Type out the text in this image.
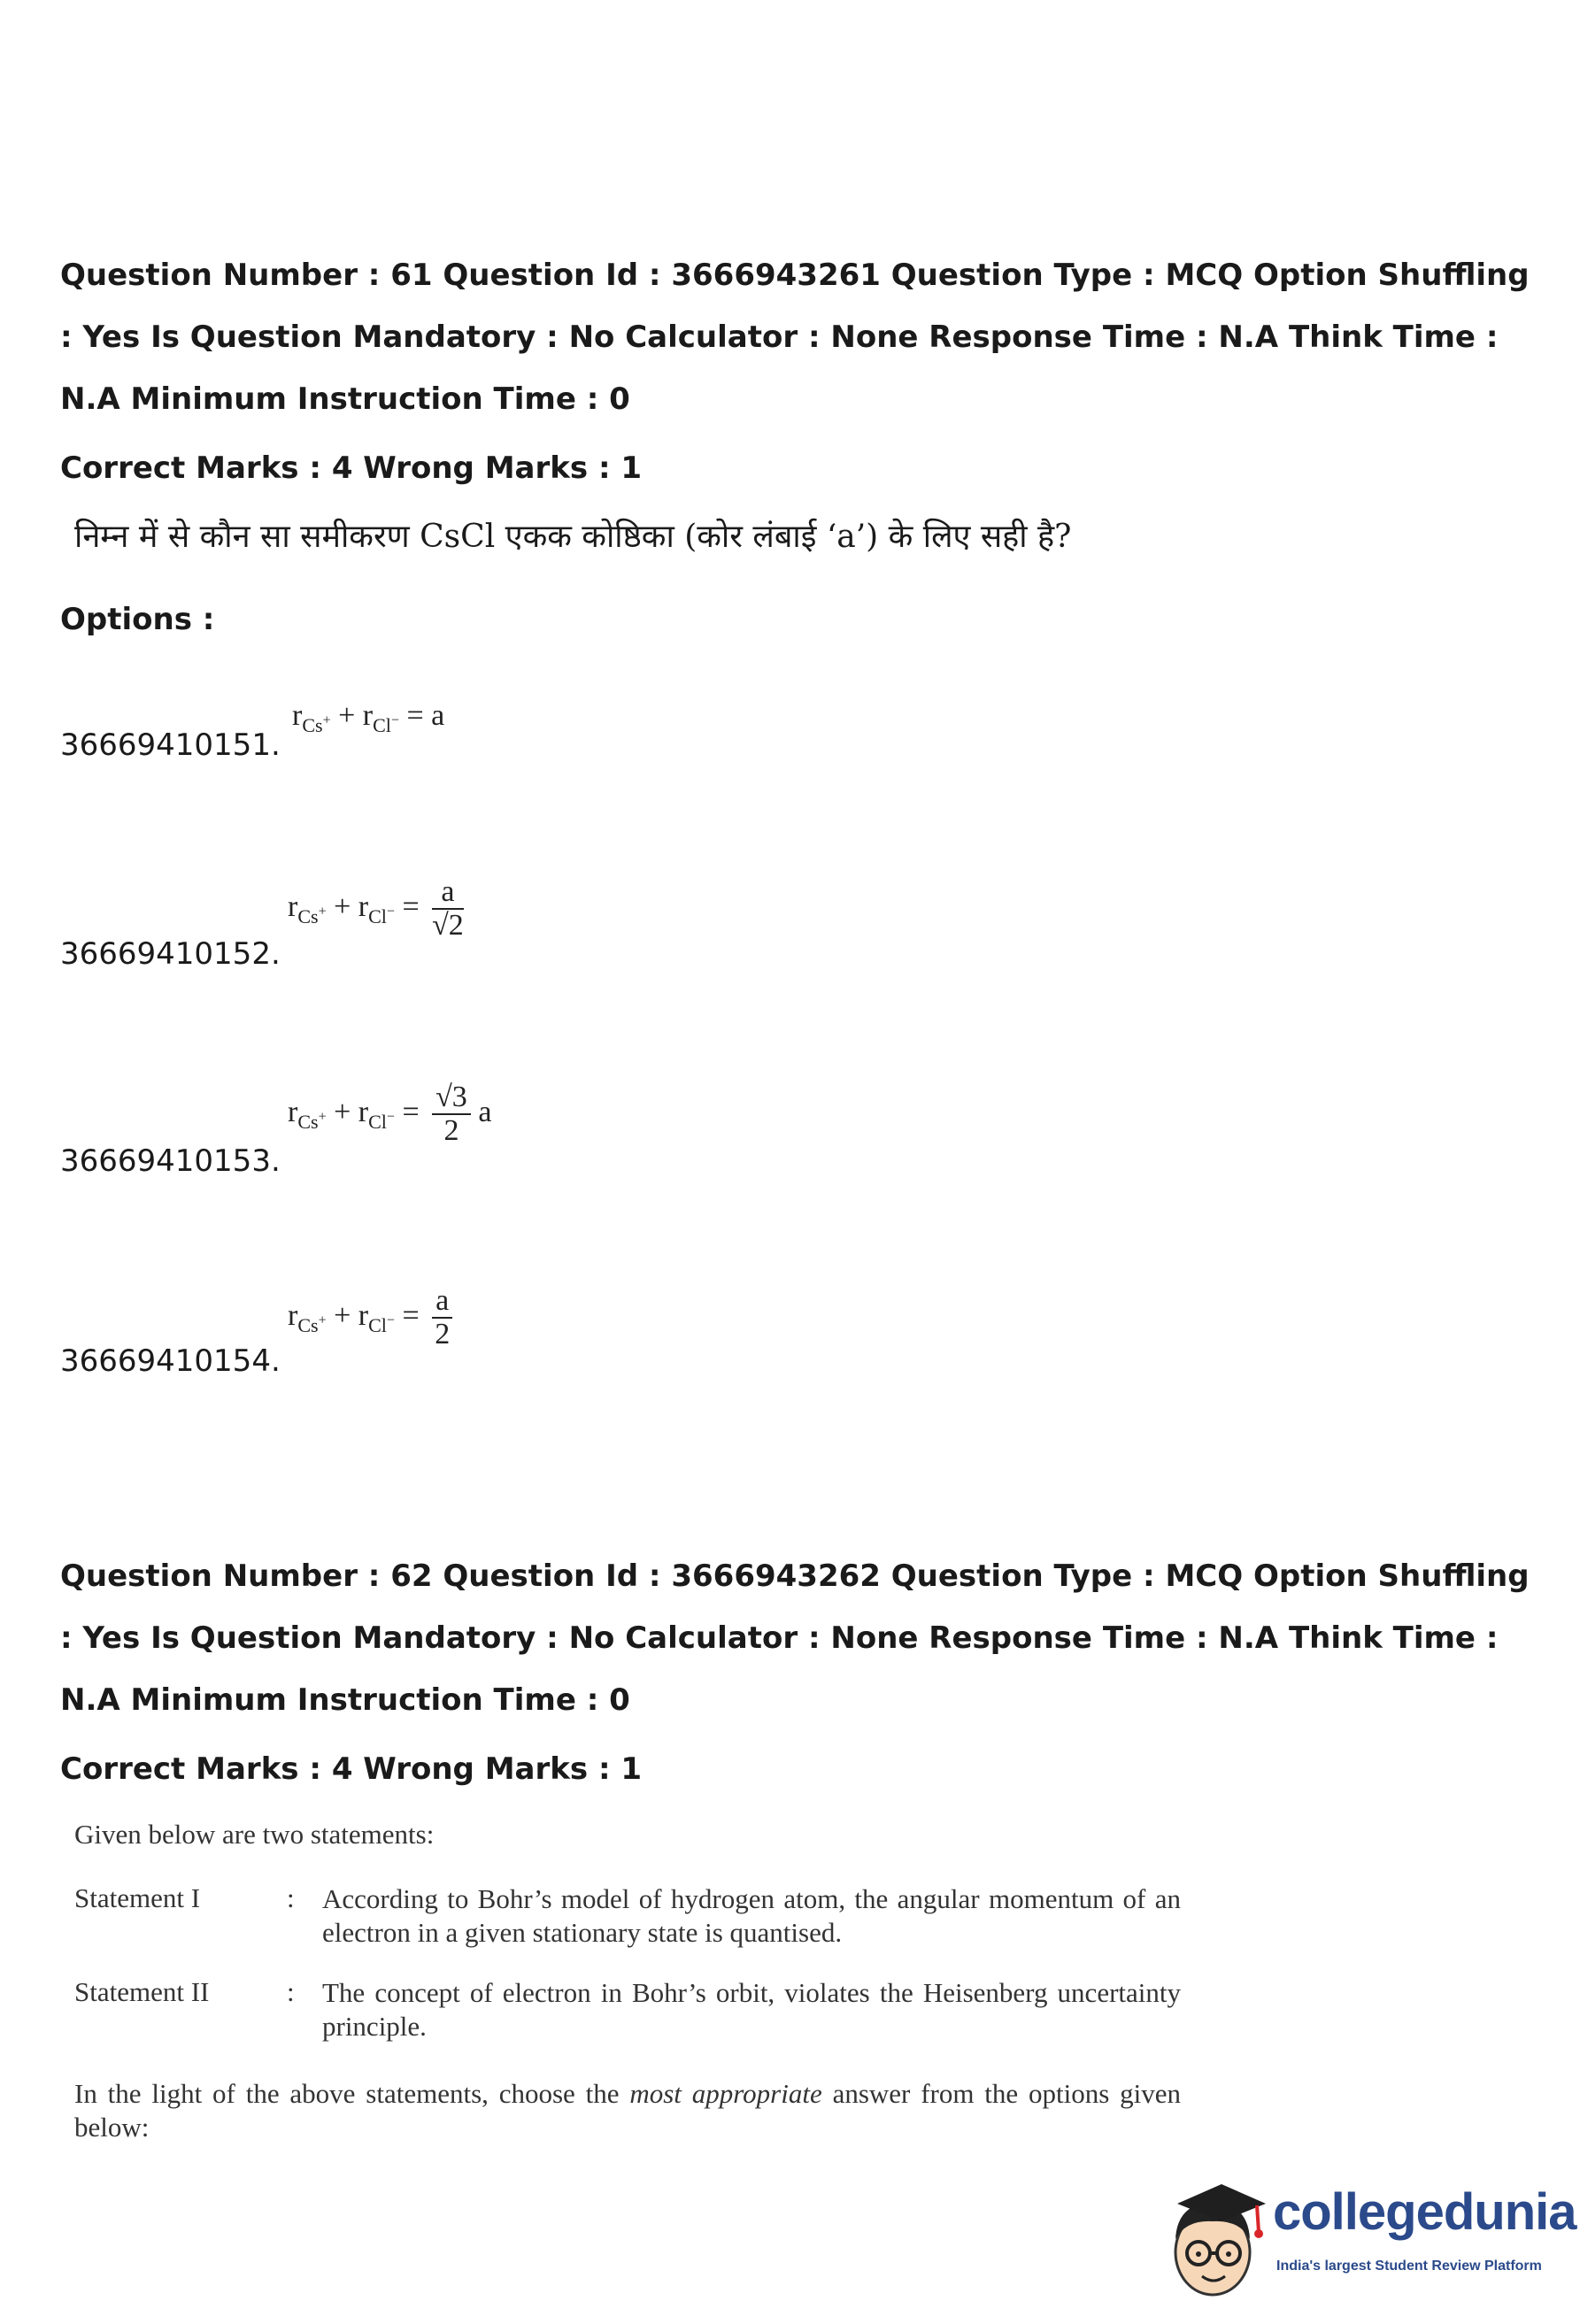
Question Number : 61 Question Id : 3666943261 Question Type : MCQ Option Shuffling : Yes Is Question Mandatory : No Calculator : None Response Time : N.A Think Time : N.A Minimum Instruction Time : 0
Correct Marks : 4 Wrong Marks : 1
निम्न में से कौन सा समीकरण CsCl एकक कोष्ठिका (कोर लंबाई ‘a’) के लिए सही है?
Options :
36669410151.
$r_{Cs^+} + r_{Cl^-} = a$
36669410152.
$r_{Cs^+} + r_{Cl^-} = \frac{a}{√2}$
36669410153.
$r_{Cs^+} + r_{Cl^-} = \frac{√3}{2}$ a
36669410154.
$r_{Cs^+} + r_{Cl^-} = \frac{a}{2}$
Question Number : 62 Question Id : 3666943262 Question Type : MCQ Option Shuffling : Yes Is Question Mandatory : No Calculator : None Response Time : N.A Think Time : N.A Minimum Instruction Time : 0
Correct Marks : 4 Wrong Marks : 1
Given below are two statements:
Statement I	:	According to Bohr’s model of hydrogen atom, the angular momentum of an electron in a given stationary state is quantised.
Statement II	:	The concept of electron in Bohr’s orbit, violates the Heisenberg uncertainty principle.
In the light of the above statements, choose the most appropriate answer from the options given below:
collegedunia
India's largest Student Review Platform
